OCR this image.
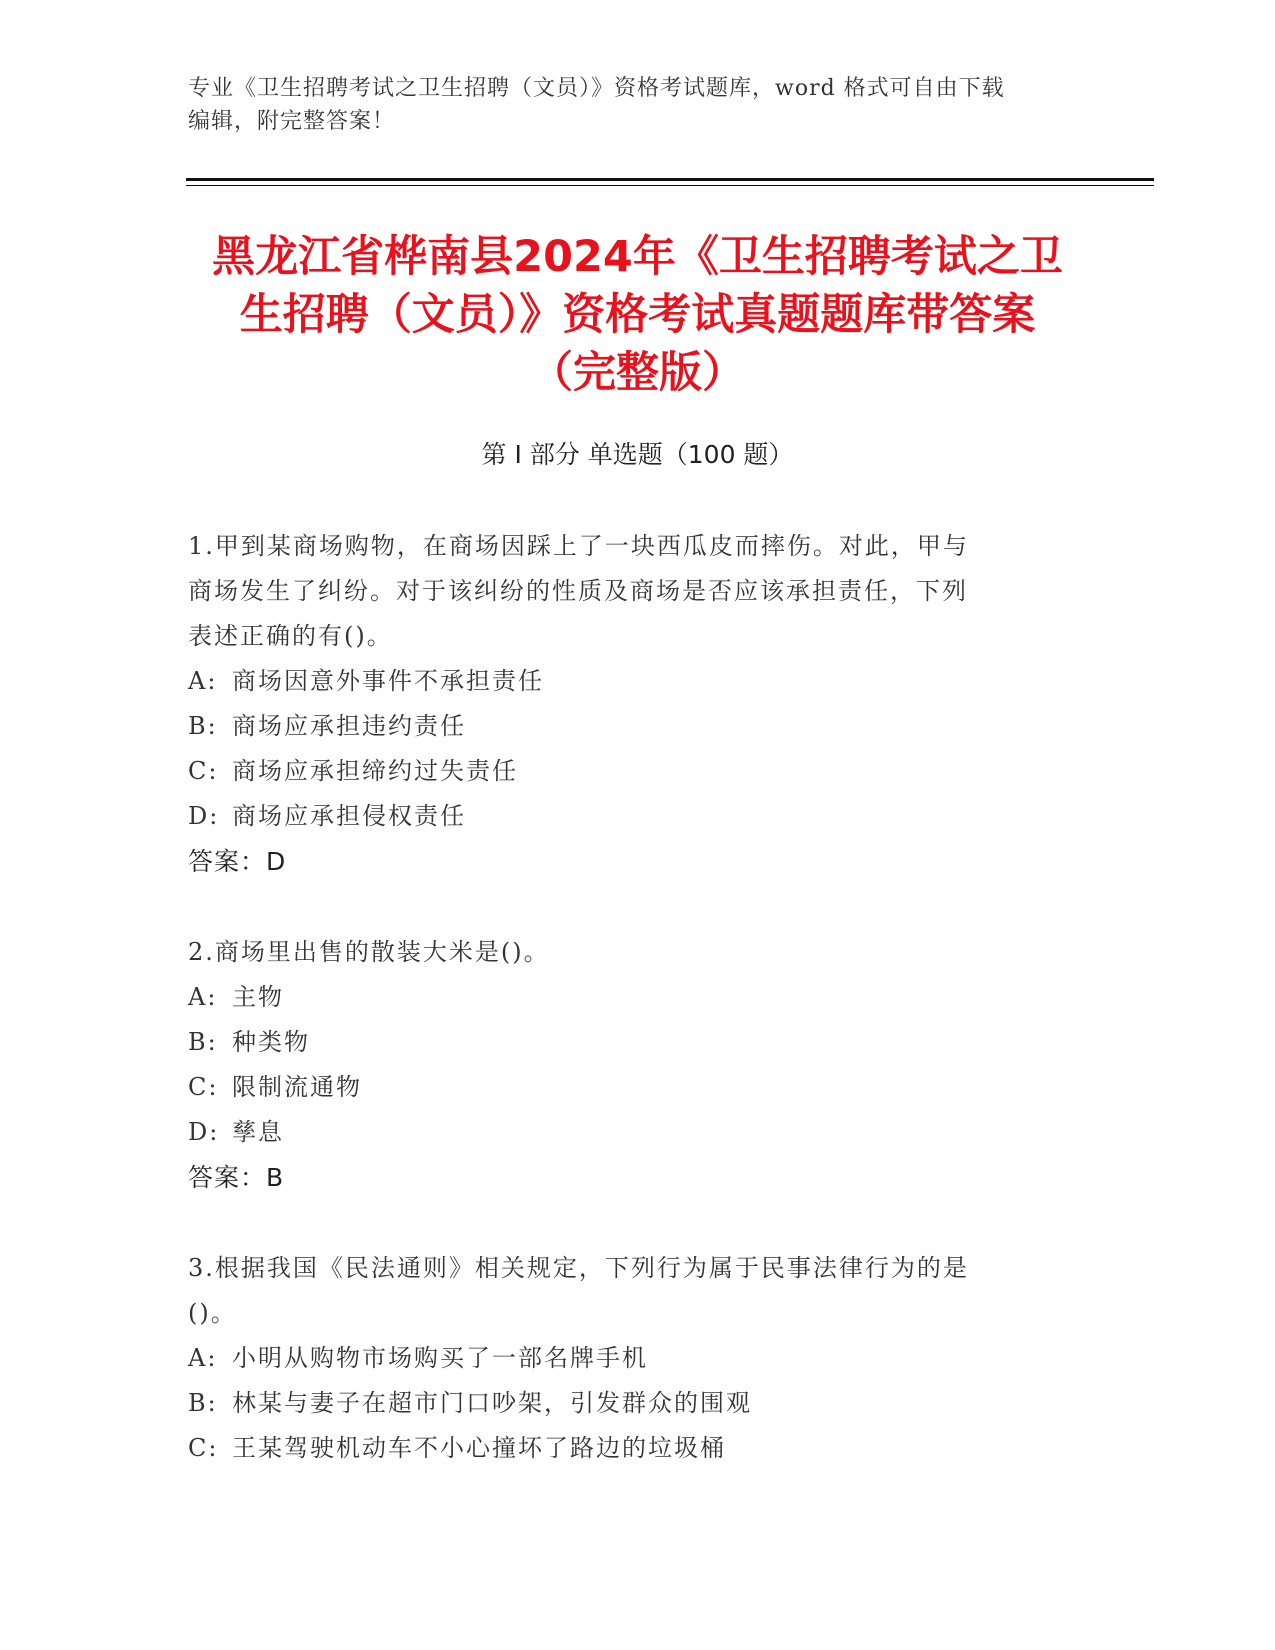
专业《卫生招聘考试之卫生招聘（文员）》资格考试题库，word 格式可自由下载
编辑，附完整答案！
黑龙江省桦南县2024年《卫生招聘考试之卫
生招聘（文员）》资格考试真题题库带答案
（完整版）
第 I 部分 单选题（100 题）
1.甲到某商场购物，在商场因踩上了一块西瓜皮而摔伤。对此，甲与
商场发生了纠纷。对于该纠纷的性质及商场是否应该承担责任，下列
表述正确的有()。
A: 商场因意外事件不承担责任
B: 商场应承担违约责任
C: 商场应承担缔约过失责任
D: 商场应承担侵权责任
答案：D
2.商场里出售的散装大米是()。
A: 主物
B: 种类物
C: 限制流通物
D: 孳息
答案：B
3.根据我国《民法通则》相关规定，下列行为属于民事法律行为的是
()。
A: 小明从购物市场购买了一部名牌手机
B: 林某与妻子在超市门口吵架，引发群众的围观
C: 王某驾驶机动车不小心撞坏了路边的垃圾桶
